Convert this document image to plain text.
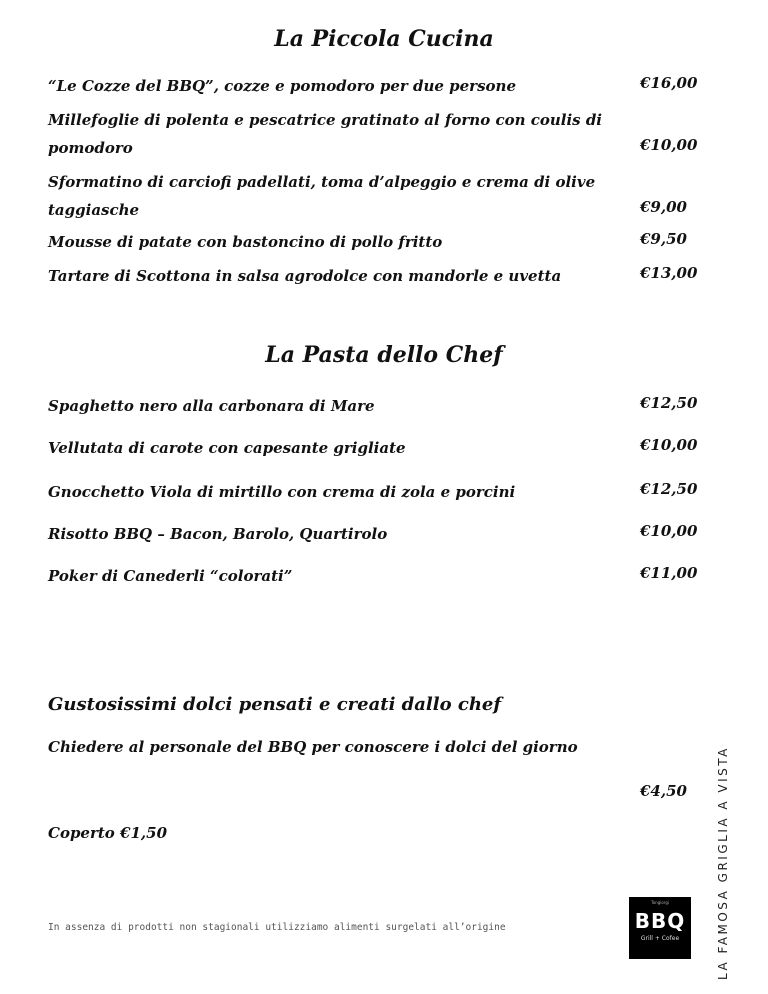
La Piccola Cucina
“Le Cozze del BBQ”, cozze e pomodoro per due persone	€16,00
Millefoglie di polenta e pescatrice gratinato al forno con coulis di pomodoro	€10,00
Sformatino di carciofi padellati, toma d’alpeggio e crema di olive taggiasche	€9,00
Mousse di patate con bastoncino di pollo fritto	€9,50
Tartare di Scottona in salsa agrodolce con mandorle e uvetta	€13,00
La Pasta dello Chef
Spaghetto nero alla carbonara di Mare	€12,50
Vellutata di carote con capesante grigliate	€10,00
Gnocchetto Viola di mirtillo con crema di zola e porcini	€12,50
Risotto BBQ – Bacon, Barolo, Quartirolo	€10,00
Poker di Canederli “colorati”	€11,00
Gustosissimi dolci pensati e creati dallo chef
Chiedere al personale del BBQ per conoscere i dolci del giorno
€4,50
Coperto €1,50
In assenza di prodotti non stagionali utilizziamo alimenti surgelati all’origine
Tongiorgi
BBQ
Grill + Cofee	LA FAMOSA GRIGLIA A VISTA
